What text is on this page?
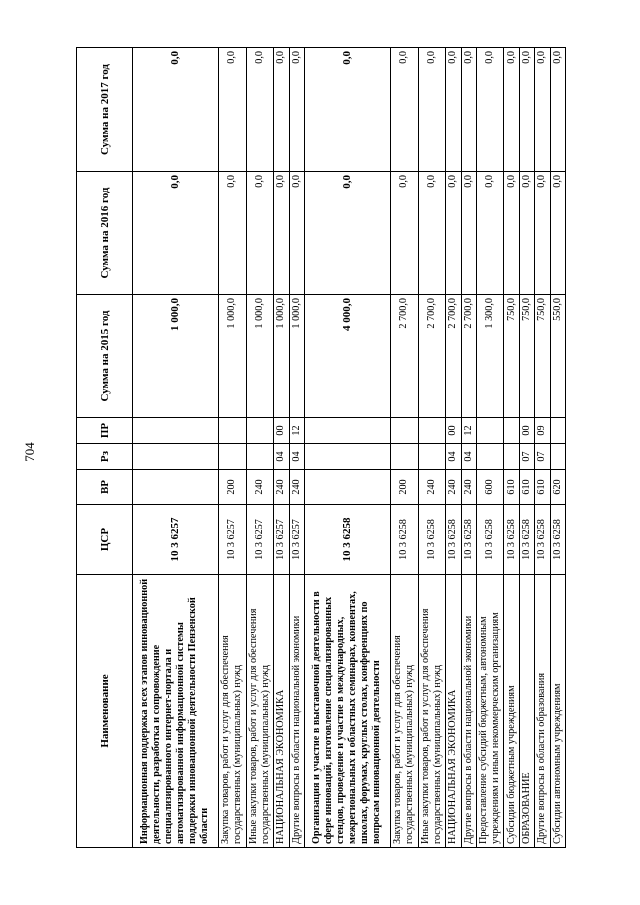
704
Наименование	ЦСР	ВР	Рз	ПР	Сумма на 2015 год	Сумма на 2016 год	Сумма на 2017 год
Информационная поддержка всех этапов инновационной деятельности, разработка и сопровождение специализированного интернет-портала и автоматизированной информационной системы поддержки инновационной деятельности Пензенской области	10 3 6257				1 000,0	0,0	0,0
Закупка товаров, работ и услуг для обеспечения государственных (муниципальных) нужд	10 3 6257	200			1 000,0	0,0	0,0
Иные закупки товаров, работ и услуг для обеспечения государственных (муниципальных) нужд	10 3 6257	240			1 000,0	0,0	0,0
НАЦИОНАЛЬНАЯ ЭКОНОМИКА	10 3 6257	240	04	00	1 000,0	0,0	0,0
Другие вопросы в области национальной экономики	10 3 6257	240	04	12	1 000,0	0,0	0,0
Организация и участие в выставочной деятельности в сфере инноваций, изготовление специализированных стендов, проведение и участие в международных, межрегиональных и областных семинарах, конвентах, школах, форумах, круглых столах, конференциях по вопросам инновационной деятельности	10 3 6258				4 000,0	0,0	0,0
Закупка товаров, работ и услуг для обеспечения государственных (муниципальных) нужд	10 3 6258	200			2 700,0	0,0	0,0
Иные закупки товаров, работ и услуг для обеспечения государственных (муниципальных) нужд	10 3 6258	240			2 700,0	0,0	0,0
НАЦИОНАЛЬНАЯ ЭКОНОМИКА	10 3 6258	240	04	00	2 700,0	0,0	0,0
Другие вопросы в области национальной экономики	10 3 6258	240	04	12	2 700,0	0,0	0,0
Предоставление субсидий бюджетным, автономным учреждениям и иным некоммерческим организациям	10 3 6258	600			1 300,0	0,0	0,0
Субсидии бюджетным учреждениям	10 3 6258	610			750,0	0,0	0,0
ОБРАЗОВАНИЕ	10 3 6258	610	07	00	750,0	0,0	0,0
Другие вопросы в области образования	10 3 6258	610	07	09	750,0	0,0	0,0
Субсидии автономным учреждениям	10 3 6258	620			550,0	0,0	0,0
